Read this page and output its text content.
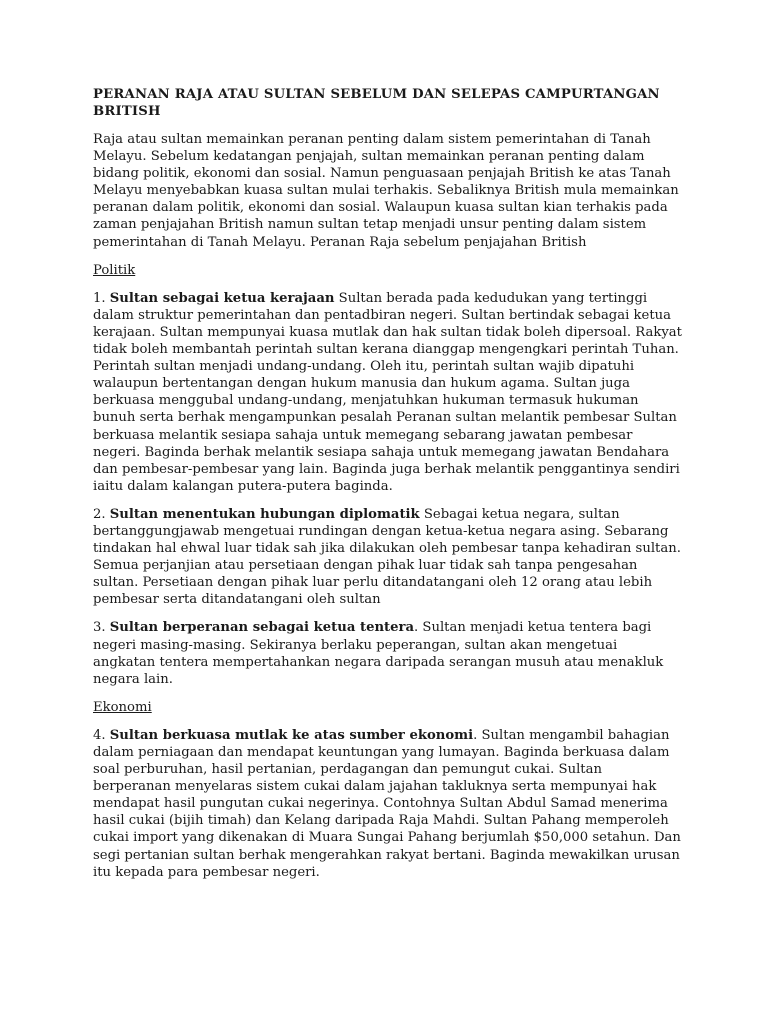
PERANAN RAJA ATAU SULTAN SEBELUM DAN SELEPAS CAMPURTANGAN BRITISH
Raja atau sultan memainkan peranan penting dalam sistem pemerintahan di Tanah Melayu. Sebelum kedatangan penjajah, sultan memainkan peranan penting dalam bidang politik, ekonomi dan sosial. Namun penguasaan penjajah British ke atas Tanah Melayu menyebabkan kuasa sultan mulai terhakis. Sebaliknya British mula memainkan peranan dalam politik, ekonomi dan sosial. Walaupun kuasa sultan kian terhakis pada zaman penjajahan British namun sultan tetap menjadi unsur penting dalam sistem pemerintahan di Tanah Melayu. Peranan Raja sebelum penjajahan British
Politik
1. Sultan sebagai ketua kerajaan Sultan berada pada kedudukan yang tertinggi dalam struktur pemerintahan dan pentadbiran negeri. Sultan bertindak sebagai ketua kerajaan. Sultan mempunyai kuasa mutlak dan hak sultan tidak boleh dipersoal. Rakyat tidak boleh membantah perintah sultan kerana dianggap mengengkari perintah Tuhan. Perintah sultan menjadi undang-undang. Oleh itu, perintah sultan wajib dipatuhi walaupun bertentangan dengan hukum manusia dan hukum agama. Sultan juga berkuasa menggubal undang-undang, menjatuhkan hukuman termasuk hukuman bunuh serta berhak mengampunkan pesalah Peranan sultan melantik pembesar Sultan berkuasa melantik sesiapa sahaja untuk memegang sebarang jawatan pembesar negeri. Baginda berhak melantik sesiapa sahaja untuk memegang jawatan Bendahara dan pembesar-pembesar yang lain. Baginda juga berhak melantik penggantinya sendiri iaitu dalam kalangan putera-putera baginda.
2. Sultan menentukan hubungan diplomatik Sebagai ketua negara, sultan bertanggungjawab mengetuai rundingan dengan ketua-ketua negara asing. Sebarang tindakan hal ehwal luar tidak sah jika dilakukan oleh pembesar tanpa kehadiran sultan. Semua perjanjian atau persetiaan dengan pihak luar tidak sah tanpa pengesahan sultan. Persetiaan dengan pihak luar perlu ditandatangani oleh 12 orang atau lebih pembesar serta ditandatangani oleh sultan
3. Sultan berperanan sebagai ketua tentera. Sultan menjadi ketua tentera bagi negeri masing-masing. Sekiranya berlaku peperangan, sultan akan mengetuai angkatan tentera mempertahankan negara daripada serangan musuh atau menakluk negara lain.
Ekonomi
4. Sultan berkuasa mutlak ke atas sumber ekonomi. Sultan mengambil bahagian dalam perniagaan dan mendapat keuntungan yang lumayan. Baginda berkuasa dalam soal perburuhan, hasil pertanian, perdagangan dan pemungut cukai. Sultan berperanan menyelaras sistem cukai dalam jajahan takluknya serta mempunyai hak mendapat hasil pungutan cukai negerinya. Contohnya Sultan Abdul Samad menerima hasil cukai (bijih timah) dan Kelang daripada Raja Mahdi. Sultan Pahang memperoleh cukai import yang dikenakan di Muara Sungai Pahang berjumlah $50,000 setahun. Dan segi pertanian sultan berhak mengerahkan rakyat bertani. Baginda mewakilkan urusan itu kepada para pembesar negeri.
